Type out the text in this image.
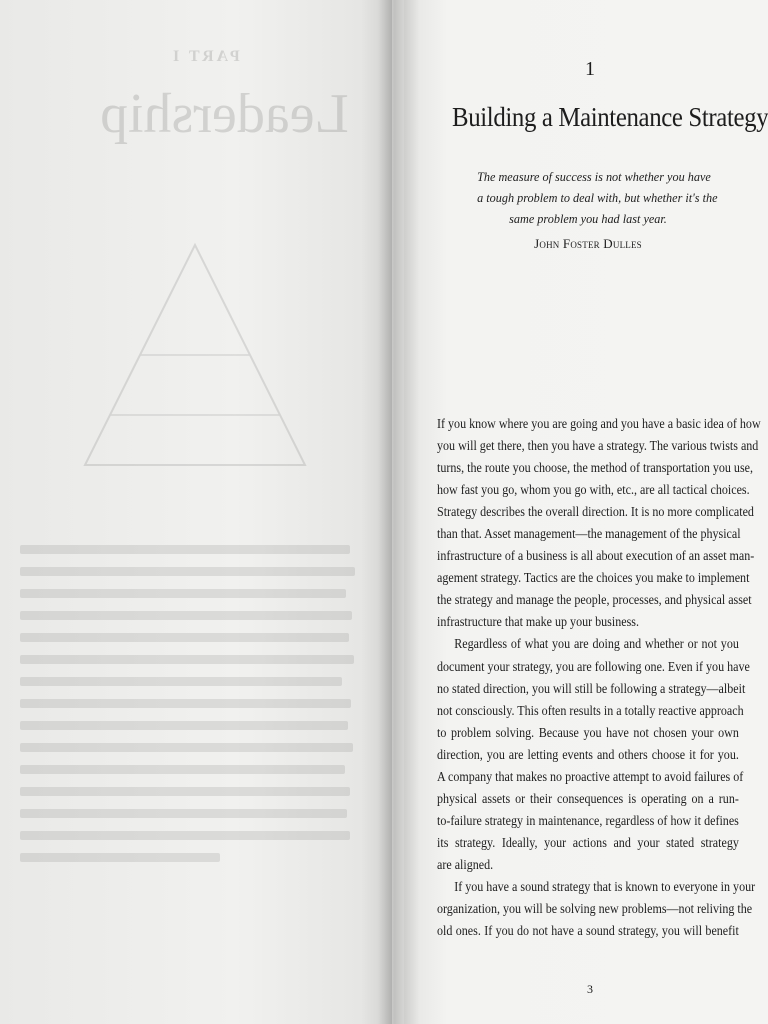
PART I
Leadership
1
Building a Maintenance Strategy
The measure of success is not whether you have
a tough problem to deal with, but whether it's the
same problem you had last year.
John Foster Dulles
If you know where you are going and you have a basic idea of how
you will get there, then you have a strategy. The various twists and
turns, the route you choose, the method of transportation you use,
how fast you go, whom you go with, etc., are all tactical choices.
Strategy describes the overall direction. It is no more complicated
than that. Asset management—the management of the physical
infrastructure of a business is all about execution of an asset man-
agement strategy. Tactics are the choices you make to implement
the strategy and manage the people, processes, and physical asset
infrastructure that make up your business.
Regardless of what you are doing and whether or not you
document your strategy, you are following one. Even if you have
no stated direction, you will still be following a strategy—albeit
not consciously. This often results in a totally reactive approach
to problem solving. Because you have not chosen your own
direction, you are letting events and others choose it for you.
A company that makes no proactive attempt to avoid failures of
physical assets or their consequences is operating on a run-
to-failure strategy in maintenance, regardless of how it defines
its strategy. Ideally, your actions and your stated strategy
are aligned.
If you have a sound strategy that is known to everyone in your
organization, you will be solving new problems—not reliving the
old ones. If you do not have a sound strategy, you will benefit
3
